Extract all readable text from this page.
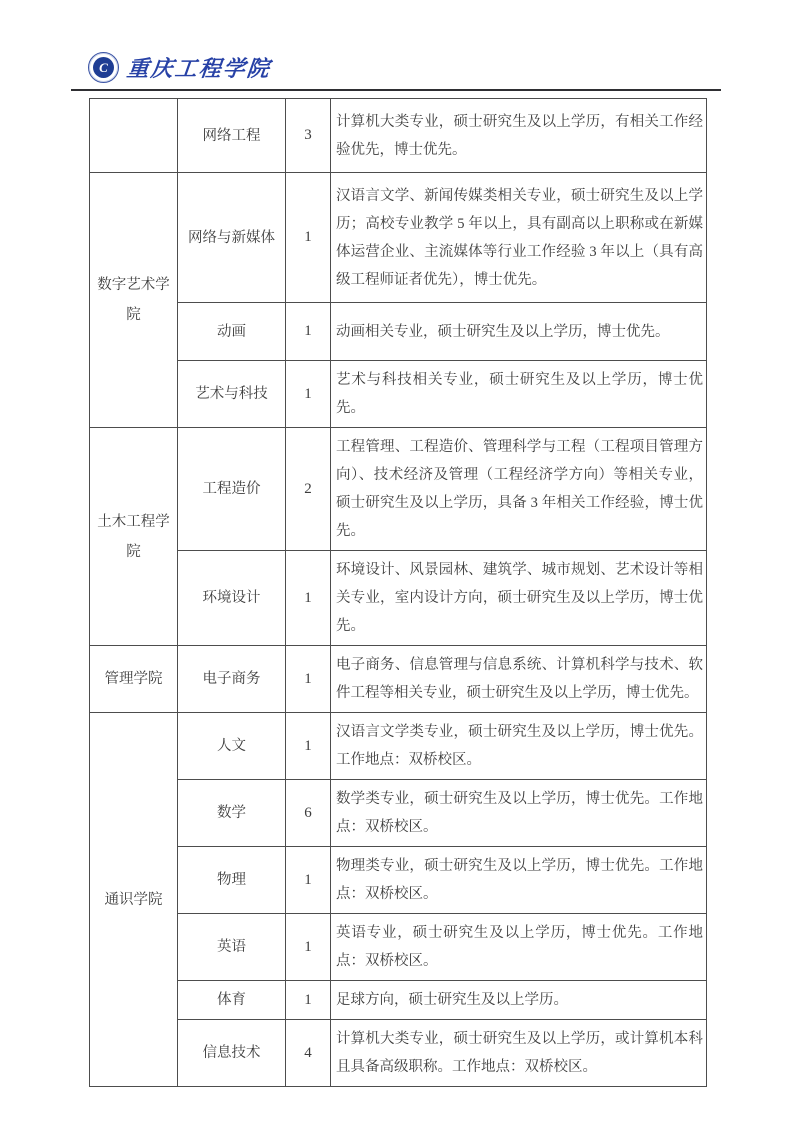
C 重庆工程学院
	网络工程	3	计算机大类专业，硕士研究生及以上学历，有相关工作经验优先，博士优先。
数字艺术学院	网络与新媒体	1	汉语言文学、新闻传媒类相关专业，硕士研究生及以上学历；高校专业教学 5 年以上，具有副高以上职称或在新媒体运营企业、主流媒体等行业工作经验 3 年以上（具有高级工程师证者优先），博士优先。
	动画	1	动画相关专业，硕士研究生及以上学历，博士优先。
	艺术与科技	1	艺术与科技相关专业，硕士研究生及以上学历，博士优先。
土木工程学院	工程造价	2	工程管理、工程造价、管理科学与工程（工程项目管理方向）、技术经济及管理（工程经济学方向）等相关专业，硕士研究生及以上学历，具备 3 年相关工作经验，博士优先。
	环境设计	1	环境设计、风景园林、建筑学、城市规划、艺术设计等相关专业，室内设计方向，硕士研究生及以上学历，博士优先。
管理学院	电子商务	1	电子商务、信息管理与信息系统、计算机科学与技术、软件工程等相关专业，硕士研究生及以上学历，博士优先。
通识学院	人文	1	汉语言文学类专业，硕士研究生及以上学历，博士优先。工作地点：双桥校区。
	数学	6	数学类专业，硕士研究生及以上学历，博士优先。工作地点：双桥校区。
	物理	1	物理类专业，硕士研究生及以上学历，博士优先。工作地点：双桥校区。
	英语	1	英语专业，硕士研究生及以上学历，博士优先。工作地点：双桥校区。
	体育	1	足球方向，硕士研究生及以上学历。
	信息技术	4	计算机大类专业，硕士研究生及以上学历，或计算机本科且具备高级职称。工作地点：双桥校区。
